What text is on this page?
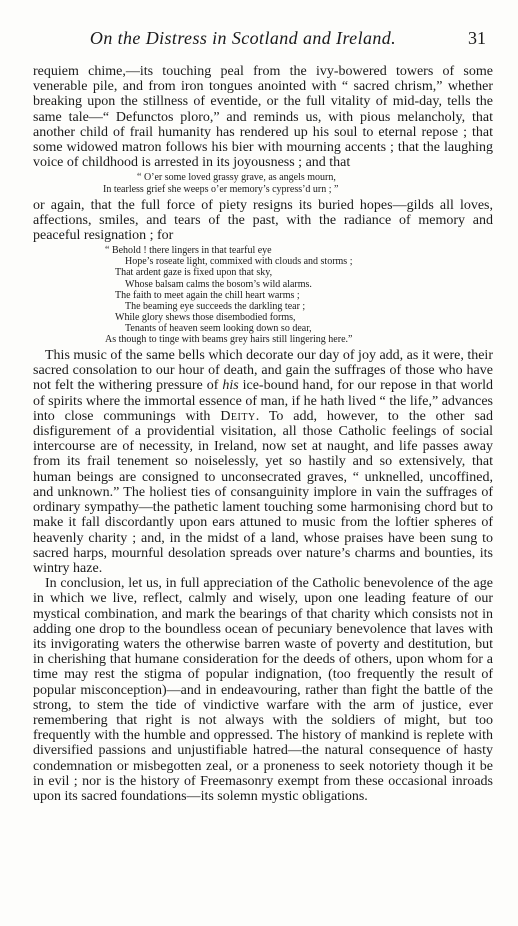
On the Distress in Scotland and Ireland.	31

requiem chime,—its touching peal from the ivy-bowered towers of some venerable pile, and from iron tongues anointed with “ sacred chrism,” whether breaking upon the stillness of eventide, or the full vitality of mid-day, tells the same tale—“ Defunctos ploro,” and reminds us, with pious melancholy, that another child of frail humanity has rendered up his soul to eternal repose ; that some widowed matron follows his bier with mourning accents ; that the laughing voice of childhood is arrested in its joyousness ; and that

“ O’er some loved grassy grave, as angels mourn,
In tearless grief she weeps o’er memory’s cypress’d urn ; ”

or again, that the full force of piety resigns its buried hopes—gilds all loves, affections, smiles, and tears of the past, with the radiance of memory and peaceful resignation ; for

“ Behold ! there lingers in that tearful eye
Hope’s roseate light, commixed with clouds and storms ;
That ardent gaze is fixed upon that sky,
Whose balsam calms the bosom’s wild alarms.
The faith to meet again the chill heart warms ;
The beaming eye succeeds the darkling tear ;
While glory shews those disembodied forms,
Tenants of heaven seem looking down so dear,
As though to tinge with beams grey hairs still lingering here.”

This music of the same bells which decorate our day of joy add, as it were, their sacred consolation to our hour of death, and gain the suffrages of those who have not felt the withering pressure of his ice-bound hand, for our repose in that world of spirits where the immortal essence of man, if he hath lived “ the life,” advances into close communings with Deity. To add, however, to the other sad disfigurement of a providential visitation, all those Catholic feelings of social intercourse are of necessity, in Ireland, now set at naught, and life passes away from its frail tenement so noiselessly, yet so hastily and so extensively, that human beings are consigned to unconsecrated graves, “ unknelled, uncoffined, and unknown.” The holiest ties of consanguinity implore in vain the suffrages of ordinary sympathy—the pathetic lament touching some harmonising chord but to make it fall discordantly upon ears attuned to music from the loftier spheres of heavenly charity ; and, in the midst of a land, whose praises have been sung to sacred harps, mournful desolation spreads over nature’s charms and bounties, its wintry haze.

In conclusion, let us, in full appreciation of the Catholic benevolence of the age in which we live, reflect, calmly and wisely, upon one leading feature of our mystical combination, and mark the bearings of that charity which consists not in adding one drop to the boundless ocean of pecuniary benevolence that laves with its invigorating waters the otherwise barren waste of poverty and destitution, but in cherishing that humane consideration for the deeds of others, upon whom for a time may rest the stigma of popular indignation, (too frequently the result of popular misconception)—and in endeavouring, rather than fight the battle of the strong, to stem the tide of vindictive warfare with the arm of justice, ever remembering that right is not always with the soldiers of might, but too frequently with the humble and oppressed. The history of mankind is replete with diversified passions and unjustifiable hatred—the natural consequence of hasty condemnation or misbegotten zeal, or a proneness to seek notoriety though it be in evil ; nor is the history of Freemasonry exempt from these occasional inroads upon its sacred foundations—its solemn mystic obligations.
